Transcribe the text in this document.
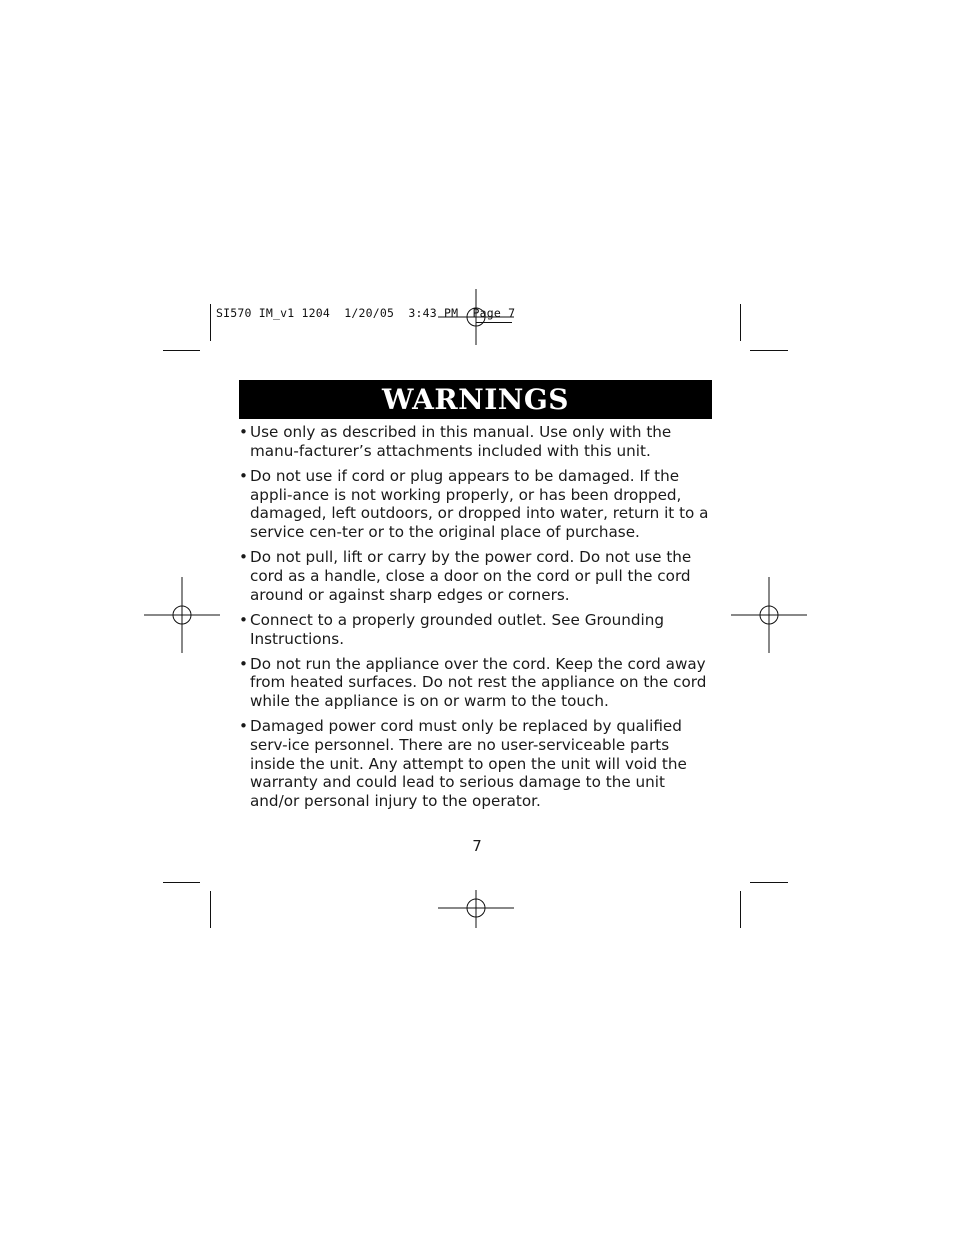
SI570 IM_v1 1204  1/20/05  3:43 PM  Page 7
WARNINGS
• Use only as described in this manual. Use only with the manu-facturer’s attachments included with this unit.
• Do not use if cord or plug appears to be damaged. If the appli-ance is not working properly, or has been dropped, damaged, left outdoors, or dropped into water, return it to a service cen-ter or to the original place of purchase.
• Do not pull, lift or carry by the power cord. Do not use the cord as a handle, close a door on the cord or pull the cord around or against sharp edges or corners.
• Connect to a properly grounded outlet. See Grounding Instructions.
• Do not run the appliance over the cord. Keep the cord away from heated surfaces. Do not rest the appliance on the cord while the appliance is on or warm to the touch.
• Damaged power cord must only be replaced by qualified serv-ice personnel. There are no user-serviceable parts inside the unit. Any attempt to open the unit will void the warranty and could lead to serious damage to the unit and/or personal injury to the operator.
7
